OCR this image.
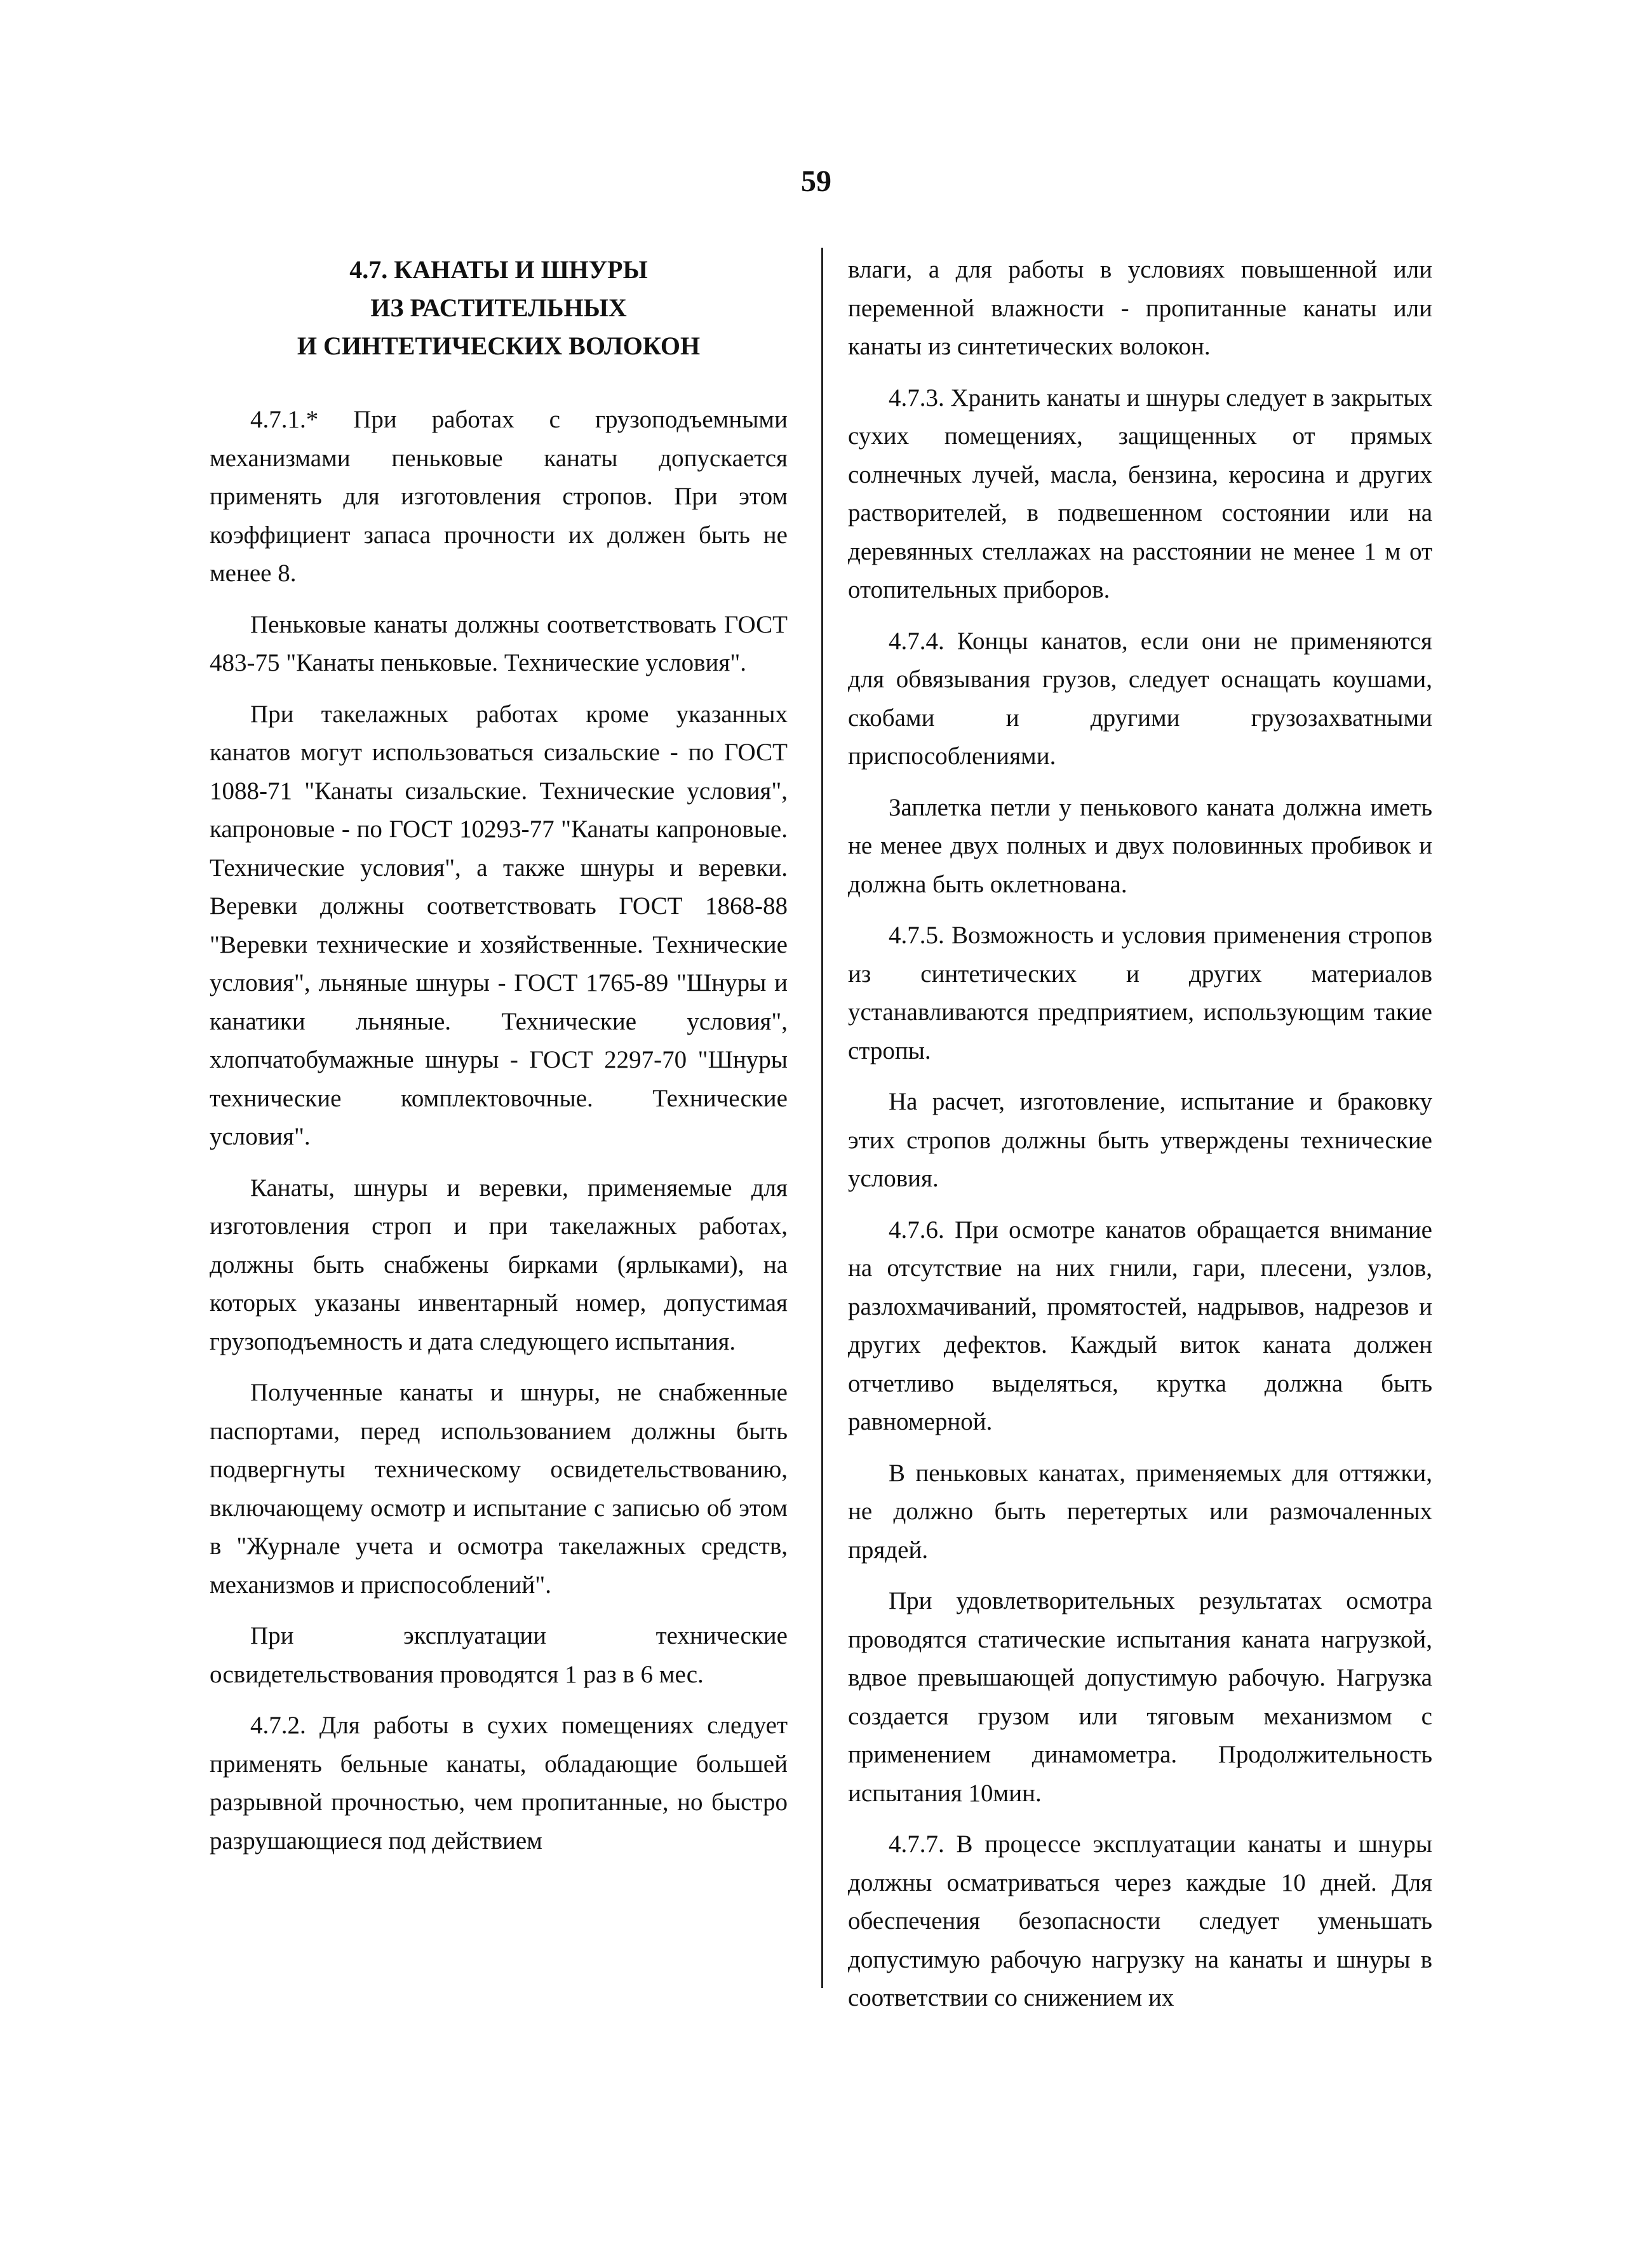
59
4.7. КАНАТЫ И ШНУРЫ
ИЗ РАСТИТЕЛЬНЫХ
И СИНТЕТИЧЕСКИХ ВОЛОКОН

4.7.1.* При работах с грузоподъемными механизмами пеньковые канаты допускается применять для изготовления стропов. При этом коэффициент запаса прочности их должен быть не менее 8.

Пеньковые канаты должны соответствовать ГОСТ 483-75 "Канаты пеньковые. Технические условия".

При такелажных работах кроме указанных канатов могут использоваться сизальские - по ГОСТ 1088-71 "Канаты сизальские. Технические условия", капроновые - по ГОСТ 10293-77 "Канаты капроновые. Технические условия", а также шнуры и веревки. Веревки должны соответствовать ГОСТ 1868-88 "Веревки технические и хозяйственные. Технические условия", льняные шнуры - ГОСТ 1765-89 "Шнуры и канатики льняные. Технические условия", хлопчатобумажные шнуры - ГОСТ 2297-70 "Шнуры технические комплектовочные. Технические условия".

Канаты, шнуры и веревки, применяемые для изготовления строп и при такелажных работах, должны быть снабжены бирками (ярлыками), на которых указаны инвентарный номер, допустимая грузоподъемность и дата следующего испытания.

Полученные канаты и шнуры, не снабженные паспортами, перед использованием должны быть подвергнуты техническому освидетельствованию, включающему осмотр и испытание с записью об этом в "Журнале учета и осмотра такелажных средств, механизмов и приспособлений".

При эксплуатации технические освидетельствования проводятся 1 раз в 6 мес.

4.7.2. Для работы в сухих помещениях следует применять бельные канаты, обладающие большей разрывной прочностью, чем пропитанные, но быстро разрушающиеся под действием

влаги, а для работы в условиях повышенной или переменной влажности - пропитанные канаты или канаты из синтетических волокон.

4.7.3. Хранить канаты и шнуры следует в закрытых сухих помещениях, защищенных от прямых солнечных лучей, масла, бензина, керосина и других растворителей, в подвешенном состоянии или на деревянных стеллажах на расстоянии не менее 1 м от отопительных приборов.

4.7.4. Концы канатов, если они не применяются для обвязывания грузов, следует оснащать коушами, скобами и другими грузозахватными приспособлениями.

Заплетка петли у пенькового каната должна иметь не менее двух полных и двух половинных пробивок и должна быть оклетнована.

4.7.5. Возможность и условия применения стропов из синтетических и других материалов устанавливаются предприятием, использующим такие стропы.

На расчет, изготовление, испытание и браковку этих стропов должны быть утверждены технические условия.

4.7.6. При осмотре канатов обращается внимание на отсутствие на них гнили, гари, плесени, узлов, разлохмачиваний, промятостей, надрывов, надрезов и других дефектов. Каждый виток каната должен отчетливо выделяться, крутка должна быть равномерной.

В пеньковых канатах, применяемых для оттяжки, не должно быть перетертых или размочаленных прядей.

При удовлетворительных результатах осмотра проводятся статические испытания каната нагрузкой, вдвое превышающей допустимую рабочую. Нагрузка создается грузом или тяговым механизмом с применением динамометра. Продолжительность испытания 10мин.

4.7.7. В процессе эксплуатации канаты и шнуры должны осматриваться через каждые 10 дней. Для обеспечения безопасности следует уменьшать допустимую рабочую нагрузку на канаты и шнуры в соответствии со снижением их
